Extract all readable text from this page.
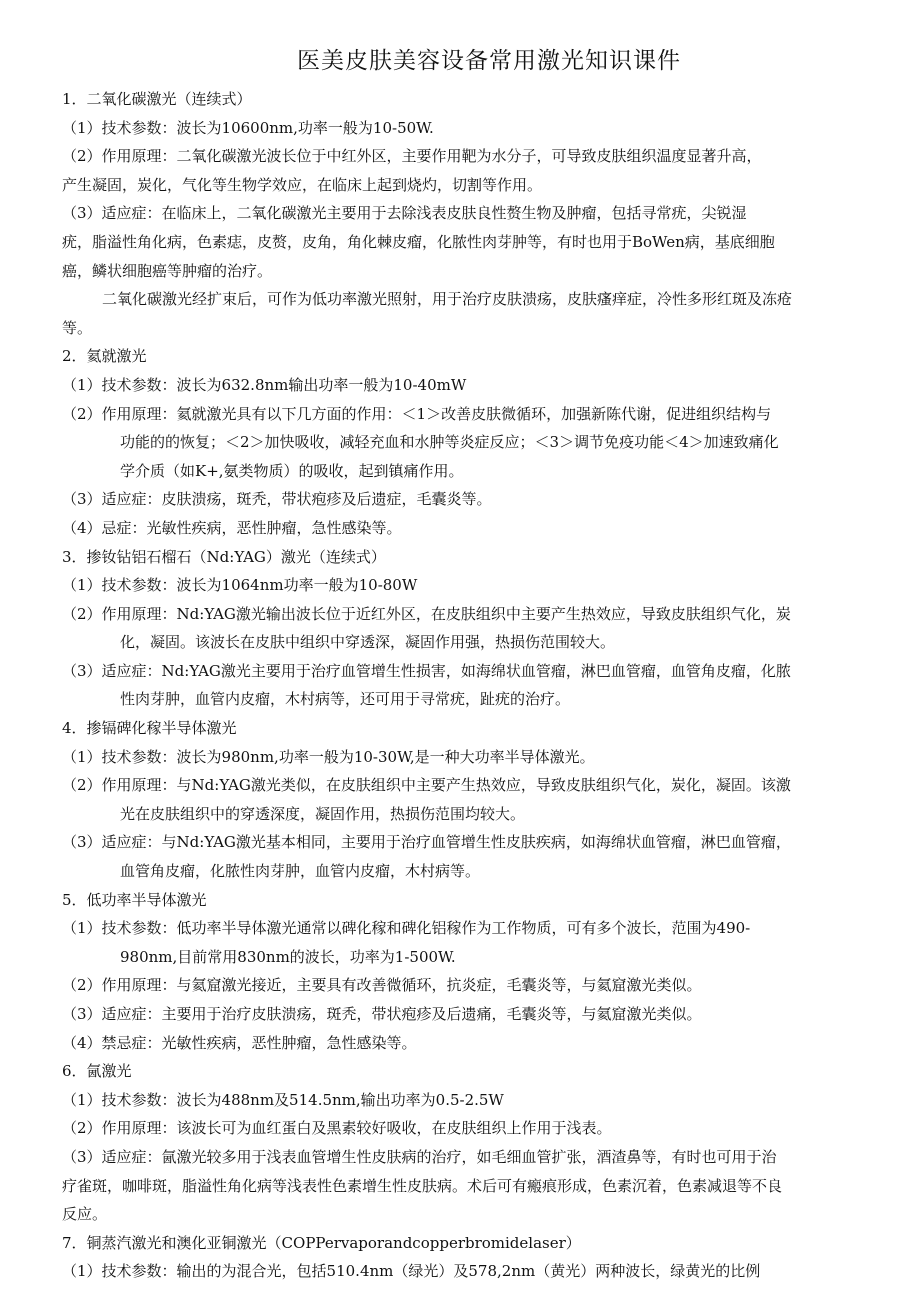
医美皮肤美容设备常用激光知识课件
1．二氧化碳激光（连续式）
（1）技术参数：波长为10600nm,功率一般为10-50W.
（2）作用原理：二氧化碳激光波长位于中红外区，主要作用靶为水分子，可导致皮肤组织温度显著升高，
产生凝固，炭化，气化等生物学效应，在临床上起到烧灼，切割等作用。
（3）适应症：在临床上，二氧化碳激光主要用于去除浅表皮肤良性赘生物及肿瘤，包括寻常疣，尖锐湿
疣，脂溢性角化病，色素痣，皮赘，皮角，角化棘皮瘤，化脓性肉芽肿等，有时也用于BoWen病，基底细胞
癌，鳞状细胞癌等肿瘤的治疗。
二氧化碳激光经扩束后，可作为低功率激光照射，用于治疗皮肤溃疡，皮肤瘙痒症，冷性多形红斑及冻疮
等。
2．氦就激光
（1）技术参数：波长为632.8nm输出功率一般为10-40mW
（2）作用原理：氦就激光具有以下几方面的作用：＜1＞改善皮肤微循环，加强新陈代谢，促进组织结构与
功能的的恢复；＜2＞加快吸收，减轻充血和水肿等炎症反应；＜3＞调节免疫功能＜4＞加速致痛化
学介质（如K+,氨类物质）的吸收，起到镇痛作用。
（3）适应症：皮肤溃疡，斑秃，带状疱疹及后遗症，毛囊炎等。
（4）忌症：光敏性疾病，恶性肿瘤，急性感染等。
3．掺钕钻铝石榴石（Nd:YAG）激光（连续式）
（1）技术参数：波长为1064nm功率一般为10-80W
（2）作用原理：Nd:YAG激光输出波长位于近红外区，在皮肤组织中主要产生热效应，导致皮肤组织气化，炭
化，凝固。该波长在皮肤中组织中穿透深，凝固作用强，热损伤范围较大。
（3）适应症：Nd:YAG激光主要用于治疗血管增生性损害，如海绵状血管瘤，淋巴血管瘤，血管角皮瘤，化脓
性肉芽肿，血管内皮瘤，木村病等，还可用于寻常疣，趾疣的治疗。
4．掺镉碑化稼半导体激光
（1）技术参数：波长为980nm,功率一般为10-30W,是一种大功率半导体激光。
（2）作用原理：与Nd:YAG激光类似，在皮肤组织中主要产生热效应，导致皮肤组织气化，炭化，凝固。该激
光在皮肤组织中的穿透深度，凝固作用，热损伤范围均较大。
（3）适应症：与Nd:YAG激光基本相同，主要用于治疗血管增生性皮肤疾病，如海绵状血管瘤，淋巴血管瘤，
血管角皮瘤，化脓性肉芽肿，血管内皮瘤，木村病等。
5．低功率半导体激光
（1）技术参数：低功率半导体激光通常以碑化稼和碑化铝稼作为工作物质，可有多个波长，范围为490-
980nm,目前常用830nm的波长，功率为1-500W.
（2）作用原理：与氦窟激光接近，主要具有改善微循环，抗炎症，毛囊炎等，与氦窟激光类似。
（3）适应症：主要用于治疗皮肤溃疡，斑秃，带状疱疹及后遗痛，毛囊炎等，与氦窟激光类似。
（4）禁忌症：光敏性疾病，恶性肿瘤，急性感染等。
6．氤激光
（1）技术参数：波长为488nm及514.5nm,输出功率为0.5-2.5W
（2）作用原理：该波长可为血红蛋白及黑素较好吸收，在皮肤组织上作用于浅表。
（3）适应症：氤激光较多用于浅表血管增生性皮肤病的治疗，如毛细血管扩张，酒渣鼻等，有时也可用于治
疗雀斑，咖啡斑，脂溢性角化病等浅表性色素增生性皮肤病。术后可有瘢痕形成，色素沉着，色素减退等不良
反应。
7．铜蒸汽激光和澳化亚铜激光（COPPervaporandcopperbromidelaser）
（1）技术参数：输出的为混合光，包括510.4nm（绿光）及578,2nm（黄光）两种波长，绿黄光的比例
